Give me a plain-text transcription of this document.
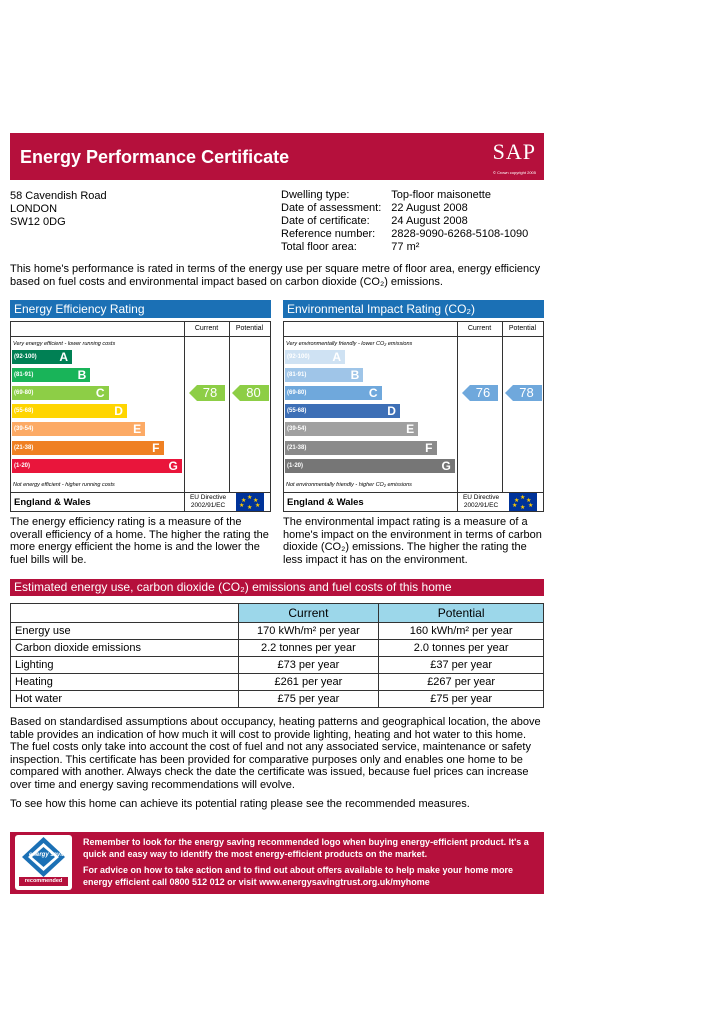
Energy Performance Certificate	SAP
© Crown copyright 2005
58 Cavendish Road
LONDON
SW12 0DG
Dwelling type:	Top-floor maisonette
Date of assessment:	22 August 2008
Date of certificate:	24 August 2008
Reference number:	2828-9090-6268-5108-1090
Total floor area:	77 m²
This home's performance is rated in terms of the energy use per square metre of floor area, energy efficiency based on fuel costs and environmental impact based on carbon dioxide (CO₂) emissions.
Energy Efficiency Rating
Current	Potential
Very energy efficient - lower running costs
Not energy efficient - higher running costs
(92-100) A
(81-91)	B
(69-80)	C
(55-68)	D
(39-54)	E
(21-38)	F
(1-20)	G
78	80
England & Wales	EU Directive 2002/91/EC
★
★ ★
★ ★
★
Environmental Impact Rating (CO₂)
Current	Potential
Very environmentally friendly - lower CO₂ emissions
Not environmentally friendly - higher CO₂ emissions
(92-100) A
(81-91)	B
(69-80)	C
(55-68)	D
(39-54)	E
(21-38)	F
(1-20)	G
76	78
England & Wales	EU Directive 2002/91/EC
★
★ ★
★ ★
★
The energy efficiency rating is a measure of the overall efficiency of a home. The higher the rating the more energy efficient the home is and the lower the fuel bills will be.
The environmental impact rating is a measure of a home's impact on the environment in terms of carbon dioxide (CO₂) emissions. The higher the rating the less impact it has on the environment.
Estimated energy use, carbon dioxide (CO₂) emissions and fuel costs of this home
	Current	Potential
Energy use	170 kWh/m² per year	160 kWh/m² per year
Carbon dioxide emissions	2.2 tonnes per year	2.0 tonnes per year
Lighting	£73 per year	£37 per year
Heating	£261 per year	£267 per year
Hot water	£75 per year	£75 per year
Based on standardised assumptions about occupancy, heating patterns and geographical location, the above table provides an indication of how much it will cost to provide lighting, heating and hot water to this home. The fuel costs only take into account the cost of fuel and not any associated service, maintenance or safety inspection. This certificate has been provided for comparative purposes only and enables one home to be compared with another. Always check the date the certificate was issued, because fuel prices can increase over time and energy saving recommendations will evolve.
To see how this home can achieve its potential rating please see the recommended measures.
energy saving
recommended
Remember to look for the energy saving recommended logo when buying energy-efficient product. It's a quick and easy way to identify the most energy-efficient products on the market.
For advice on how to take action and to find out about offers available to help make your home more energy efficient call 0800 512 012 or visit www.energysavingtrust.org.uk/myhome
